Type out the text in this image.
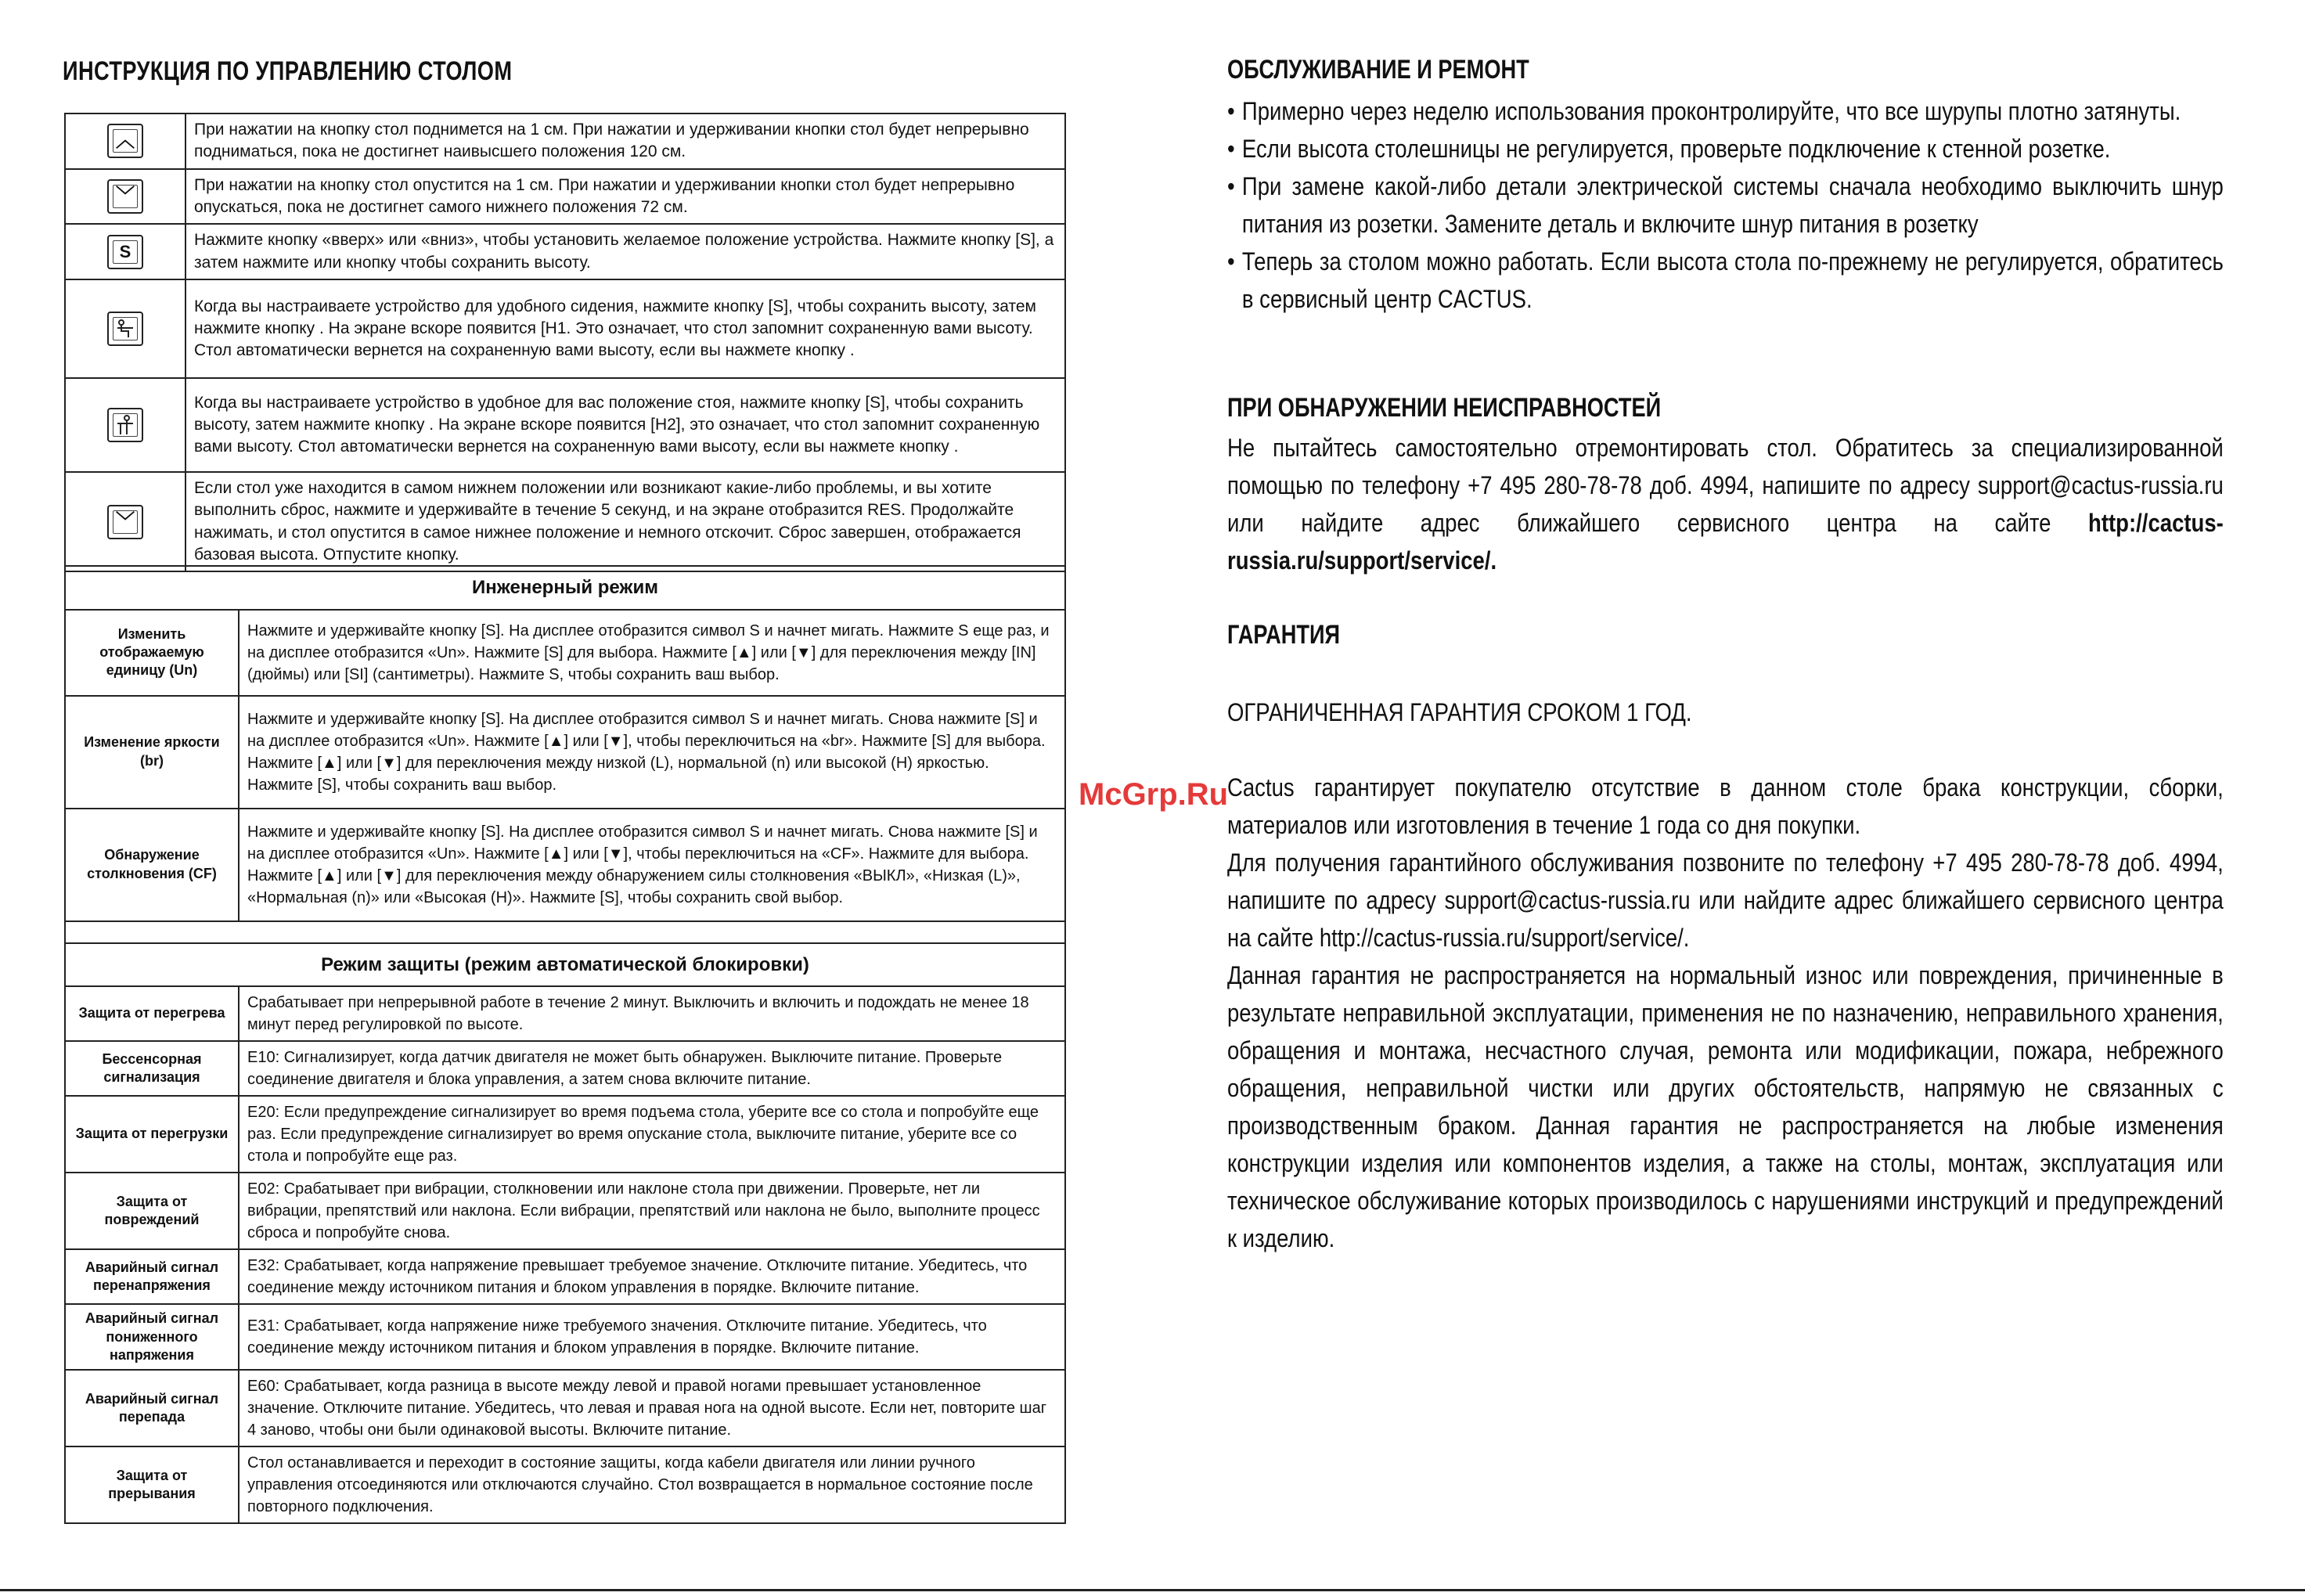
ИНСТРУКЦИЯ ПО УПРАВЛЕНИЮ СТОЛОМ
︿	При нажатии на кнопку стол поднимется на 1 см. При нажатии и удерживании кнопки стол будет непрерывно подниматься, пока не достигнет наивысшего положения 120 см.

﹀	При нажатии на кнопку стол опустится на 1 см. При нажатии и удерживании кнопки стол будет непрерывно опускаться, пока не достигнет самого нижнего положения 72 см.

S	Нажмите кнопку «вверх» или «вниз», чтобы установить желаемое положение устройства. Нажмите кнопку [S], а затем нажмите или кнопку чтобы сохранить высоту.

	Когда вы настраиваете устройство для удобного сидения, нажмите кнопку [S], чтобы сохранить высоту, затем нажмите кнопку . На экране вскоре появится [H1. Это означает, что стол запомнит сохраненную вами высоту. Стол автоматически вернется на сохраненную вами высоту, если вы нажмете кнопку .

	Когда вы настраиваете устройство в удобное для вас положение стоя, нажмите кнопку [S], чтобы сохранить высоту, затем нажмите кнопку . На экране вскоре появится [H2], это означает, что стол запомнит сохраненную вами высоту. Стол автоматически вернется на сохраненную вами высоту, если вы нажмете кнопку .

﹀	Если стол уже находится в самом нижнем положении или возникают какие-либо проблемы, и вы хотите выполнить сброс, нажмите и удерживайте в течение 5 секунд, и на экране отобразится RES. Продолжайте нажимать, и стол опустится в самое нижнее положение и немного отскочит. Сброс завершен, отображается базовая высота. Отпустите кнопку.
Инженерный режим	
Изменить отображаемую единицу (Un)	Нажмите и удерживайте кнопку [S]. На дисплее отобразится символ S и начнет мигать. Нажмите S еще раз, и на дисплее отобразится «Un». Нажмите [S] для выбора. Нажмите [▲] или [▼] для переключения между [IN] (дюймы) или [SI] (сантиметры). Нажмите S, чтобы сохранить ваш выбор.
Изменение яркости (br)	Нажмите и удерживайте кнопку [S]. На дисплее отобразится символ S и начнет мигать. Снова нажмите [S] и на дисплее отобразится «Un». Нажмите [▲] или [▼], чтобы переключиться на «br». Нажмите [S] для выбора. Нажмите [▲] или [▼] для переключения между низкой (L), нормальной (n) или высокой (H) яркостью. Нажмите [S], чтобы сохранить ваш выбор.
Обнаружение столкновения (CF)	Нажмите и удерживайте кнопку [S]. На дисплее отобразится символ S и начнет мигать. Снова нажмите [S] и на дисплее отобразится «Un». Нажмите [▲] или [▼], чтобы переключиться на «CF». Нажмите для выбора. Нажмите [▲] или [▼] для переключения между обнаружением силы столкновения «ВЫКЛ», «Низкая (L)», «Нормальная (n)» или «Высокая (H)». Нажмите [S], чтобы сохранить свой выбор.

Режим защиты (режим автоматической блокировки)	
Защита от перегрева	Срабатывает при непрерывной работе в течение 2 минут. Выключить и включить и подождать не менее 18 минут перед регулировкой по высоте.
Бессенсорная сигнализация	E10: Сигнализирует, когда датчик двигателя не может быть обнаружен. Выключите питание. Проверьте соединение двигателя и блока управления, а затем снова включите питание.
Защита от перегрузки	E20: Если предупреждение сигнализирует во время подъема стола, уберите все со стола и попробуйте еще раз. Если предупреждение сигнализирует во время опускание стола, выключите питание, уберите все со стола и попробуйте еще раз.
Защита от повреждений	E02: Срабатывает при вибрации, столкновении или наклоне стола при движении. Проверьте, нет ли вибрации, препятствий или наклона. Если вибрации, препятствий или наклона не было, выполните процесс сброса и попробуйте снова.
Аварийный сигнал перенапряжения	E32: Срабатывает, когда напряжение превышает требуемое значение. Отключите питание. Убедитесь, что соединение между источником питания и блоком управления в порядке. Включите питание.
Аварийный сигнал пониженного напряжения	E31: Срабатывает, когда напряжение ниже требуемого значения. Отключите питание. Убедитесь, что соединение между источником питания и блоком управления в порядке. Включите питание.
Аварийный сигнал перепада	E60: Срабатывает, когда разница в высоте между левой и правой ногами превышает установленное значение. Отключите питание. Убедитесь, что левая и правая нога на одной высоте. Если нет, повторите шаг 4 заново, чтобы они были одинаковой высоты. Включите питание.
Защита от прерывания	Стол останавливается и переходит в состояние защиты, когда кабели двигателя или линии ручного управления отсоединяются или отключаются случайно. Стол возвращается в нормальное состояние после повторного подключения.
ОБСЛУЖИВАНИЕ И РЕМОНТ
• Примерно через неделю использования проконтролируйте, что все шурупы плотно затянуты.
• Если высота столешницы не регулируется, проверьте подключение к стенной розетке.
• При замене какой-либо детали электрической системы сначала необходимо выключить шнур питания из розетки. Замените деталь и включите шнур питания в розетку
• Теперь за столом можно работать. Если высота стола по-прежнему не регулируется, обратитесь в сервисный центр CACTUS.
ПРИ ОБНАРУЖЕНИИ НЕИСПРАВНОСТЕЙ
Не пытайтесь самостоятельно отремонтировать стол. Обратитесь за специализированной помощью по телефону +7 495 280-78-78 доб. 4994, напишите по адресу support@cactus-russia.ru или найдите адрес ближайшего сервисного центра на сайте http://cactus-russia.ru/support/service/.
ГАРАНТИЯ
ОГРАНИЧЕННАЯ ГАРАНТИЯ СРОКОМ 1 ГОД.
Cactus гарантирует покупателю отсутствие в данном столе брака конструкции, сборки, материалов или изготовления в течение 1 года со дня покупки.
Для получения гарантийного обслуживания позвоните по телефону +7 495 280-78-78 доб. 4994, напишите по адресу support@cactus-russia.ru или найдите адрес ближайшего сервисного центра на сайте http://cactus-russia.ru/support/service/.
Данная гарантия не распространяется на нормальный износ или повреждения, причиненные в результате неправильной эксплуатации, применения не по назначению, неправильного хранения, обращения и монтажа, несчастного случая, ремонта или модификации, пожара, небрежного обращения, неправильной чистки или других обстоятельств, напрямую не связанных с производственным браком. Данная гарантия не распространяется на любые изменения конструкции изделия или компонентов изделия, а также на столы, монтаж, эксплуатация или техническое обслуживание которых производилось с нарушениями инструкций и предупреждений к изделию.
McGrp.Ru
